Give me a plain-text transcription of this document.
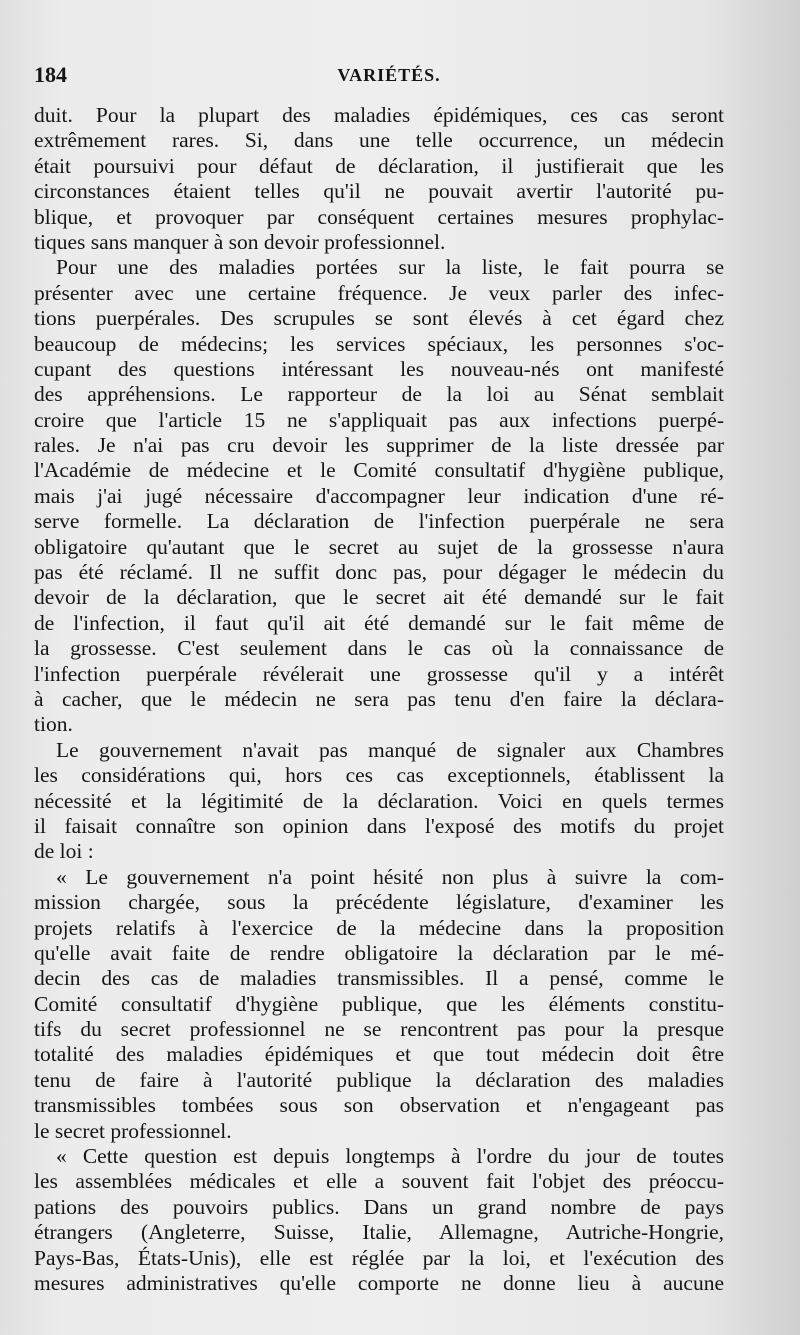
184	VARIÉTÉS.
duit. Pour la plupart des maladies épidémiques, ces cas seront
extrêmement rares. Si, dans une telle occurrence, un médecin
était poursuivi pour défaut de déclaration, il justifierait que les
circonstances étaient telles qu'il ne pouvait avertir l'autorité pu-
blique, et provoquer par conséquent certaines mesures prophylac-
tiques sans manquer à son devoir professionnel.
Pour une des maladies portées sur la liste, le fait pourra se
présenter avec une certaine fréquence. Je veux parler des infec-
tions puerpérales. Des scrupules se sont élevés à cet égard chez
beaucoup de médecins; les services spéciaux, les personnes s'oc-
cupant des questions intéressant les nouveau-nés ont manifesté
des appréhensions. Le rapporteur de la loi au Sénat semblait
croire que l'article 15 ne s'appliquait pas aux infections puerpé-
rales. Je n'ai pas cru devoir les supprimer de la liste dressée par
l'Académie de médecine et le Comité consultatif d'hygiène publique,
mais j'ai jugé nécessaire d'accompagner leur indication d'une ré-
serve formelle. La déclaration de l'infection puerpérale ne sera
obligatoire qu'autant que le secret au sujet de la grossesse n'aura
pas été réclamé. Il ne suffit donc pas, pour dégager le médecin du
devoir de la déclaration, que le secret ait été demandé sur le fait
de l'infection, il faut qu'il ait été demandé sur le fait même de
la grossesse. C'est seulement dans le cas où la connaissance de
l'infection puerpérale révélerait une grossesse qu'il y a intérêt
à cacher, que le médecin ne sera pas tenu d'en faire la déclara-
tion.
Le gouvernement n'avait pas manqué de signaler aux Chambres
les considérations qui, hors ces cas exceptionnels, établissent la
nécessité et la légitimité de la déclaration. Voici en quels termes
il faisait connaître son opinion dans l'exposé des motifs du projet
de loi :
« Le gouvernement n'a point hésité non plus à suivre la com-
mission chargée, sous la précédente législature, d'examiner les
projets relatifs à l'exercice de la médecine dans la proposition
qu'elle avait faite de rendre obligatoire la déclaration par le mé-
decin des cas de maladies transmissibles. Il a pensé, comme le
Comité consultatif d'hygiène publique, que les éléments constitu-
tifs du secret professionnel ne se rencontrent pas pour la presque
totalité des maladies épidémiques et que tout médecin doit être
tenu de faire à l'autorité publique la déclaration des maladies
transmissibles tombées sous son observation et n'engageant pas
le secret professionnel.
« Cette question est depuis longtemps à l'ordre du jour de toutes
les assemblées médicales et elle a souvent fait l'objet des préoccu-
pations des pouvoirs publics. Dans un grand nombre de pays
étrangers (Angleterre, Suisse, Italie, Allemagne, Autriche-Hongrie,
Pays-Bas, États-Unis), elle est réglée par la loi, et l'exécution des
mesures administratives qu'elle comporte ne donne lieu à aucune
